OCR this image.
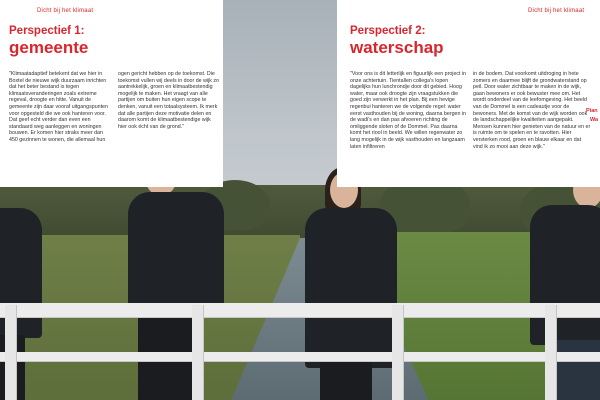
Dicht bij het klimaat
Perspectief 1:
gemeente

"Klimaatadaptief betekent dat we hier in Boxtel de nieuwe wijk duurzaam inrichten dat het beter bestand is tegen klimaatsveranderingen zoals extreme regeval, droogte en hitte. Vanuit de gemeente zijn daar vooraf uitgangspunten voor opgesteld die we ook hanteren voor. Dat geef echt verder dan even een standaard weg aanleggen en woningen bouwen. Er komen hier straks meer dan 450 gezinnen te wonen, die allemaal hun

ogen gericht hebben op de toekomst. Die toekomst vullen wij deels in door de wijk zo aantrekkelijk, groen en klimaatbestendig mogelijk te maken. Het vraagt van alle partijen om buiten hun eigen scope te denken, vanuit een totaalsysteem. Ik merk dat alle partijen deze motivatie delen en daarom komt de klimaatbestendige wijk hier ook écht van de grond."

Dicht bij het klimaat
Perspectief 2:
waterschap

"Voor ons is dit letterlijk en figuurlijk een project in onze achtertuin. Tientallen collega's lopen dagelijks hun lunchrondje door dit gebied. Hoog water, maar ook droogte zijn vraagstukken die goed zijn verwerkt in het plan. Bij een hevige regenbui hanteren we de volgende regel: water eerst vasthouden bij de woning, daarna bergen in de wadi's en dan pas afvoeren richting de omliggende sloten of de Dommel. Pas daarna komt het riool in beeld. We willen regenwater zo lang mogelijk in de wijk vasthouden en langzaam laten infiltreren

in de bodem. Dat voorkomt uitdroging in hete zomers en daarmee blijft de grondwaterstand op peil. Door water zichtbaar te maken in de wijk, gaan bewoners er ook bewuster mee om. Het wordt onderdeel van de leefomgeving. Het beeld van de Dommel is een cadeautje voor de bewoners. Met de komst van de wijk worden ook de landschappelijke kwaliteiten aangepakt. Mensen kunnen hier genieten van de natuur en er is ruimte om te spelen en te ravotten. Hier versterken rood, groen en blauw elkaar en dat vind ik zo mooi aan deze wijk."

Pian
Wa
